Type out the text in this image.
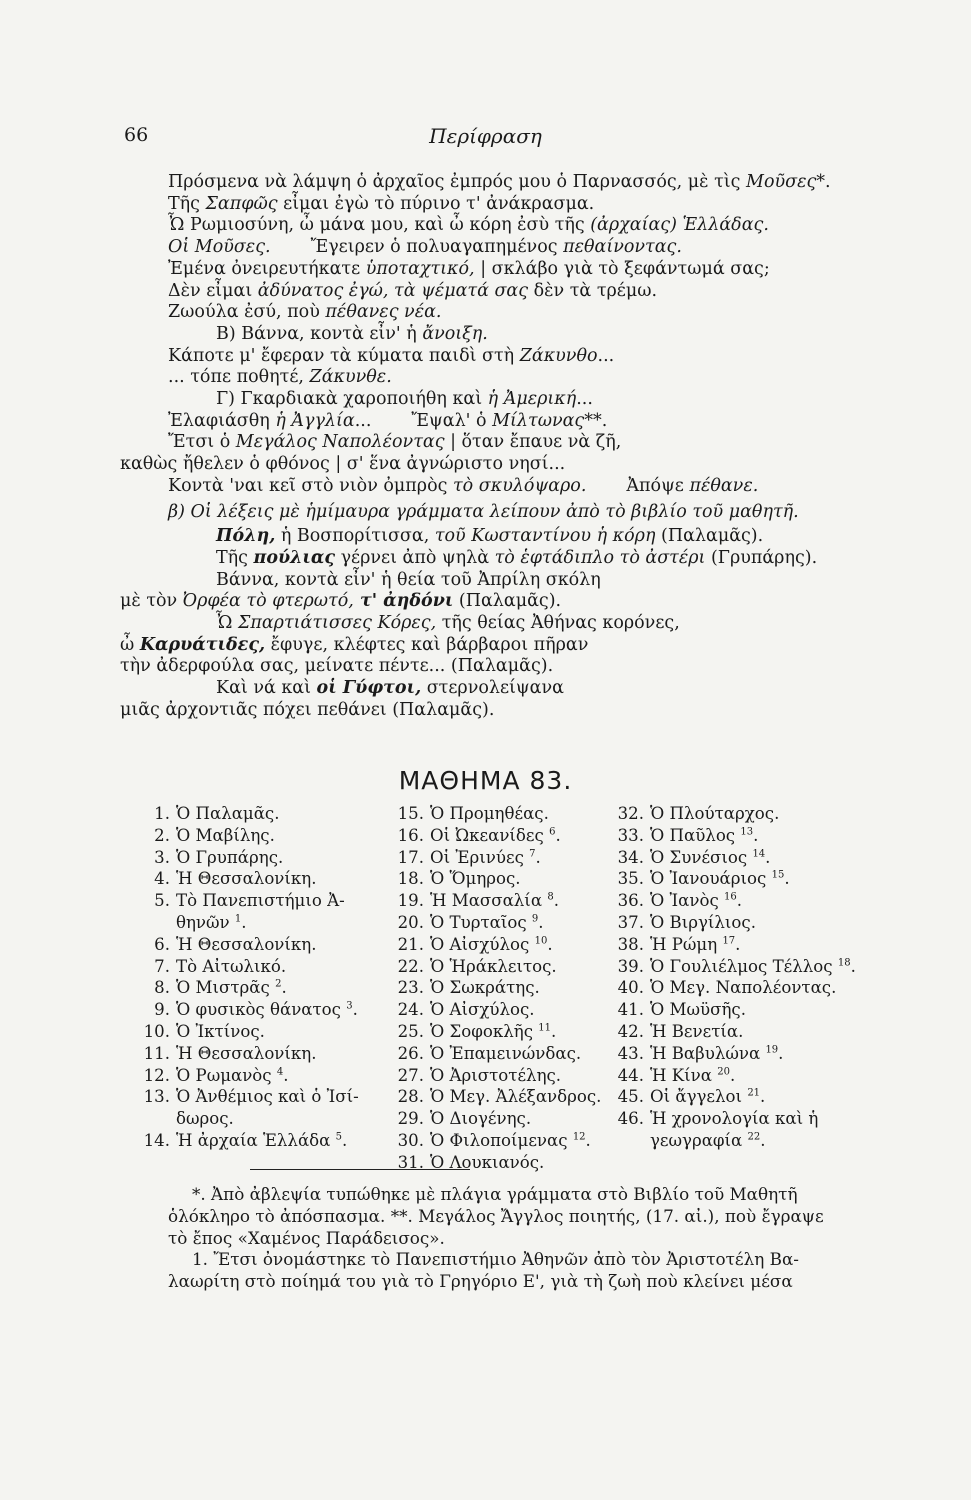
66	Περίφραση
Πρόσμενα νὰ λάμψη ὁ ἀρχαῖος ἐμπρός μου ὁ Παρνασσός, μὲ τὶς Μοῦσες*.
Τῆς Σαπφῶς εἶμαι ἐγὼ τὸ πύρινο τ' ἀνάκρασμα.
Ὦ Ρωμιοσύνη, ὦ μάνα μου, καὶ ὦ κόρη ἐσὺ τῆς (ἀρχαίας) Ἑλλάδας.
Οἱ Μοῦσες. Ἔγειρεν ὁ πολυαγαπημένος πεθαίνοντας.
Ἐμένα ὀνειρευτήκατε ὑποταχτικό, | σκλάβο γιὰ τὸ ξεφάντωμά σας;
Δὲν εἶμαι ἀδύνατος ἐγώ, τὰ ψέματά σας δὲν τὰ τρέμω.
Ζωούλα ἐσύ, ποὺ πέθανες νέα.
Β) Βάννα, κοντὰ εἶν' ἡ ἄνοιξη.
Κάποτε μ' ἔφεραν τὰ κύματα παιδὶ στὴ Ζάκυνθο...
... τόπε ποθητέ, Ζάκυνθε.
Γ) Γκαρδιακὰ χαροποιήθη καὶ ἡ Ἀμερική...
Ἐλαφιάσθη ἡ Ἀγγλία... Ἔψαλ' ὁ Μίλτωνας**.
Ἔτσι ὁ Μεγάλος Ναπολέοντας | ὅταν ἔπαυε νὰ ζῆ,
καθὼς ἤθελεν ὁ φθόνος | σ' ἕνα ἀγνώριστο νησί...
Κοντὰ 'ναι κεῖ στὸ νιὸν ὀμπρὸς τὸ σκυλόψαρο. Ἀπόψε πέθανε.
β) Οἱ λέξεις μὲ ἡμίμαυρα γράμματα λείπουν ἀπὸ τὸ βιβλίο τοῦ μαθητῆ.
Πόλη, ἡ Βοσπορίτισσα, τοῦ Κωσταντίνου ἡ κόρη (Παλαμᾶς).
Τῆς πούλιας γέρνει ἀπὸ ψηλὰ τὸ ἑφτάδιπλο τὸ ἀστέρι (Γρυπάρης).
Βάννα, κοντὰ εἶν' ἡ θεία τοῦ Ἀπρίλη σκόλη
μὲ τὸν Ὀρφέα τὸ φτερωτό, τ' ἀηδόνι (Παλαμᾶς).
Ὦ Σπαρτιάτισσες Κόρες, τῆς θείας Ἀθήνας κορόνες,
ὦ Καρυάτιδες, ἔφυγε, κλέφτες καὶ βάρβαροι πῆραν
τὴν ἀδερφούλα σας, μείνατε πέντε... (Παλαμᾶς).
Καὶ νά καὶ οἱ Γύφτοι, στερνολείψανα
μιᾶς ἀρχοντιᾶς πόχει πεθάνει (Παλαμᾶς).
ΜΑΘΗΜΑ 83.
1. Ὁ Παλαμᾶς.
2. Ὁ Μαβίλης.
3. Ὁ Γρυπάρης.
4. Ἡ Θεσσαλονίκη.
5. Τὸ Πανεπιστήμιο Ἀ-
θηνῶν $^1$.
6. Ἡ Θεσσαλονίκη.
7. Τὸ Αἰτωλικό.
8. Ὁ Μιστρᾶς $^2$.
9. Ὁ φυσικὸς θάνατος $^3$.
10. Ὁ Ἰκτίνος.
11. Ἡ Θεσσαλονίκη.
12. Ὁ Ρωμανὸς $^4$.
13. Ὁ Ἀνθέμιος καὶ ὁ Ἰσί-
δωρος.
14. Ἡ ἀρχαία Ἑλλάδα $^5$.
15. Ὁ Προμηθέας.
16. Οἱ Ὠκεανίδες $^6$.
17. Οἱ Ἐρινύες $^7$.
18. Ὁ Ὅμηρος.
19. Ἡ Μασσαλία $^8$.
20. Ὁ Τυρταῖος $^9$.
21. Ὁ Αἰσχύλος $^{10}$.
22. Ὁ Ἡράκλειτος.
23. Ὁ Σωκράτης.
24. Ὁ Αἰσχύλος.
25. Ὁ Σοφοκλῆς $^{11}$.
26. Ὁ Ἐπαμεινώνδας.
27. Ὁ Ἀριστοτέλης.
28. Ὁ Μεγ. Ἀλέξανδρος.
29. Ὁ Διογένης.
30. Ὁ Φιλοποίμενας $^{12}$.
31. Ὁ Λουκιανός.
32. Ὁ Πλούταρχος.
33. Ὁ Παῦλος $^{13}$.
34. Ὁ Συνέσιος $^{14}$.
35. Ὁ Ἰανουάριος $^{15}$.
36. Ὁ Ἰανὸς $^{16}$.
37. Ὁ Βιργίλιος.
38. Ἡ Ρώμη $^{17}$.
39. Ὁ Γουλιέλμος Τέλλος $^{18}$.
40. Ὁ Μεγ. Ναπολέοντας.
41. Ὁ Μωϋσῆς.
42. Ἡ Βενετία.
43. Ἡ Βαβυλώνα $^{19}$.
44. Ἡ Κίνα $^{20}$.
45. Οἱ ἄγγελοι $^{21}$.
46. Ἡ χρονολογία καὶ ἡ
γεωγραφία $^{22}$.
*. Ἀπὸ ἀβλεψία τυπώθηκε μὲ πλάγια γράμματα στὸ Βιβλίο τοῦ Μαθητῆ
ὁλόκληρο τὸ ἀπόσπασμα. **. Μεγάλος Ἄγγλος ποιητής, (17. αἰ.), ποὺ ἔγραψε
τὸ ἔπος «Χαμένος Παράδεισος».
1. Ἔτσι ὀνομάστηκε τὸ Πανεπιστήμιο Ἀθηνῶν ἀπὸ τὸν Ἀριστοτέλη Βα-
λαωρίτη στὸ ποίημά του γιὰ τὸ Γρηγόριο Ε', γιὰ τὴ ζωὴ ποὺ κλείνει μέσα
